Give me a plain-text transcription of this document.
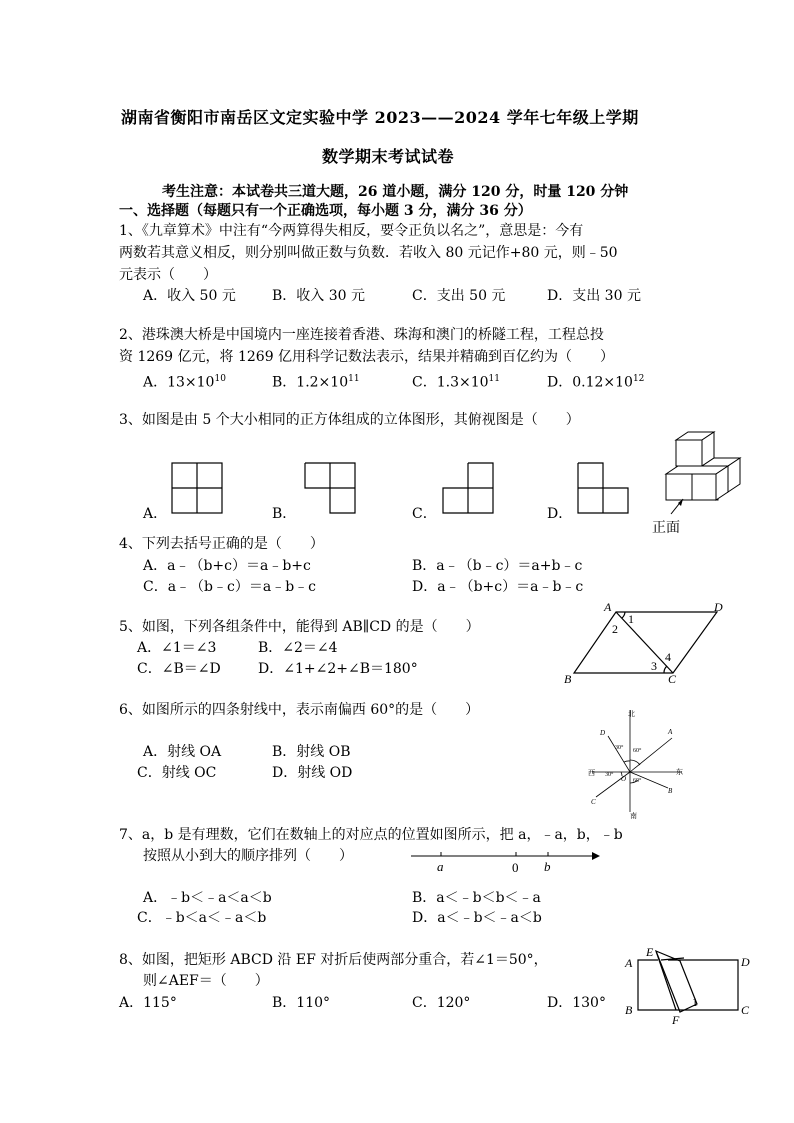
湖南省衡阳市南岳区文定实验中学 2023——2024 学年七年级上学期
数学期末考试试卷
考生注意：本试卷共三道大题，26 道小题，满分 120 分，时量 120 分钟
一、选择题（每题只有一个正确选项，每小题 3 分，满分 36 分）
1、《九章算术》中注有“今两算得失相反，要令正负以名之”，意思是：今有
两数若其意义相反，则分别叫做正数与负数．若收入 80 元记作+80 元，则﹣50
元表示（　　）
A．收入 50 元	B．收入 30 元	C．支出 50 元	D．支出 30 元
2、港珠澳大桥是中国境内一座连接着香港、珠海和澳门的桥隧工程，工程总投
资 1269 亿元，将 1269 亿用科学记数法表示，结果并精确到百亿约为（　　）
A．$13\times 10^{10}$	B．$1.2\times 10^{11}$	C．$1.3\times 10^{11}$	D．$0.12\times 10^{12}$
3、如图是由 5 个大小相同的正方体组成的立体图形，其俯视图是（　　）
A．	B．	C．	D．
正面
4、下列去括号正确的是（　　）
A．a﹣（b+c）＝a﹣b+c	B．a﹣（b﹣c）＝a+b﹣c
C．a﹣（b﹣c）＝a﹣b﹣c	D．a﹣（b+c）＝a﹣b﹣c
5、如图，下列各组条件中，能得到 AB∥CD 的是（　　）
A．∠1＝∠3	B．∠2＝∠4
C．∠B＝∠D	D．∠1+∠2+∠B＝180°
A	D
B	C
1
2
3
4
6、如图所示的四条射线中，表示南偏西 60°的是（　　）
A．射线 OA	B．射线 OB
C．射线 OC	D．射线 OD
北
南
东
西
O
A
B
C
D
30° 60°
30°
60°
7、a，b 是有理数，它们在数轴上的对应点的位置如图所示，把 a，﹣a，b，﹣b
按照从小到大的顺序排列（　　）
a	0 b
A．﹣b＜﹣a＜a＜b	B．a＜﹣b＜b＜﹣a
C．﹣b＜a＜﹣a＜b	D．a＜﹣b＜﹣a＜b
8、如图，把矩形 ABCD 沿 EF 对折后使两部分重合，若∠1＝50°，
则∠AEF＝（　　）
A．115°	B．110°	C．120°	D．130°
A	D
B	C
E
F
1
